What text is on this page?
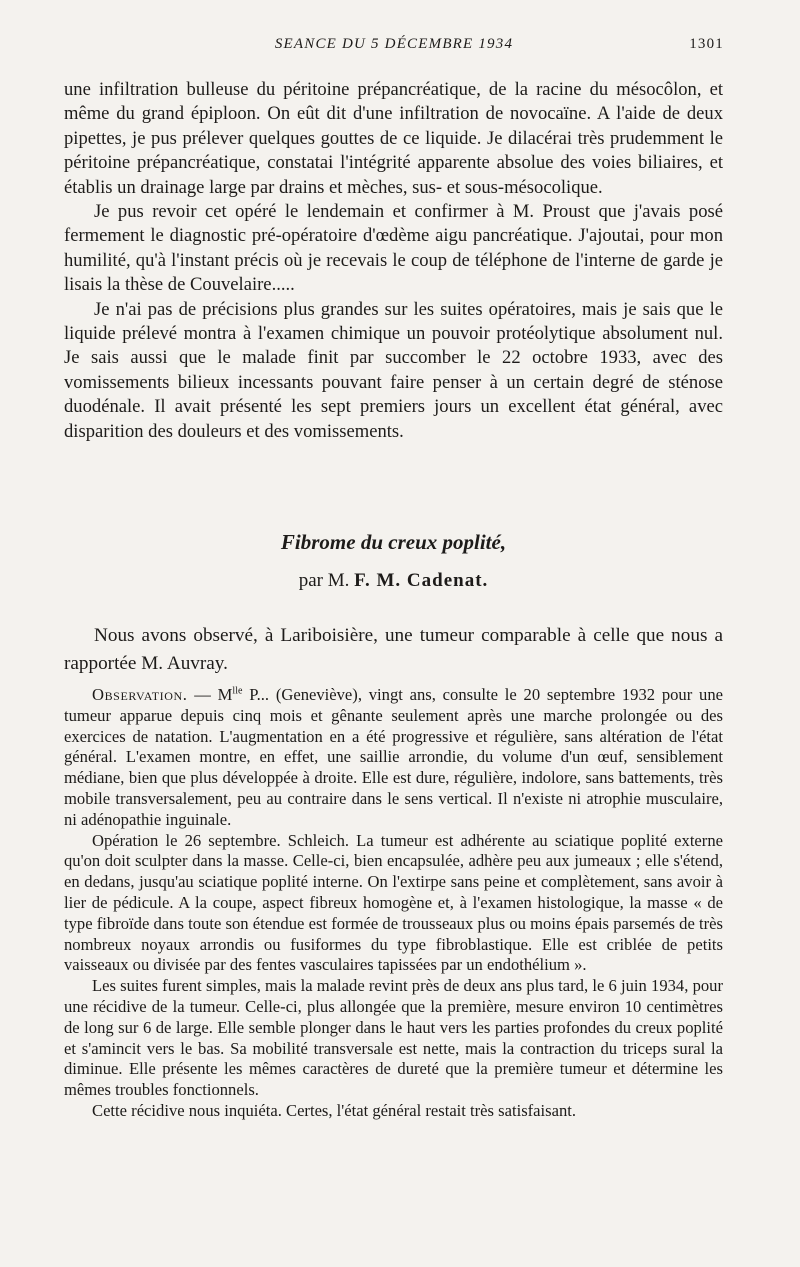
SEANCE DU 5 DÉCEMBRE 1934	1301

une infiltration bulleuse du péritoine prépancréatique, de la racine du mésocôlon, et même du grand épiploon. On eût dit d'une infiltration de novocaïne. A l'aide de deux pipettes, je pus prélever quelques gouttes de ce liquide. Je dilacérai très prudemment le péritoine prépancréatique, constatai l'intégrité apparente absolue des voies biliaires, et établis un drainage large par drains et mèches, sus- et sous-mésocolique.

Je pus revoir cet opéré le lendemain et confirmer à M. Proust que j'avais posé fermement le diagnostic pré-opératoire d'œdème aigu pancréatique. J'ajoutai, pour mon humilité, qu'à l'instant précis où je recevais le coup de téléphone de l'interne de garde je lisais la thèse de Couvelaire.....

Je n'ai pas de précisions plus grandes sur les suites opératoires, mais je sais que le liquide prélevé montra à l'examen chimique un pouvoir protéolytique absolument nul. Je sais aussi que le malade finit par succomber le 22 octobre 1933, avec des vomissements bilieux incessants pouvant faire penser à un certain degré de sténose duodénale. Il avait présenté les sept premiers jours un excellent état général, avec disparition des douleurs et des vomissements.

Fibrome du creux poplité,
par M. F. M. Cadenat.

Nous avons observé, à Lariboisière, une tumeur comparable à celle que nous a rapportée M. Auvray.

Observation. — $M^{lle}$ P... (Geneviève), vingt ans, consulte le 20 septembre 1932 pour une tumeur apparue depuis cinq mois et gênante seulement après une marche prolongée ou des exercices de natation. L'augmentation en a été progressive et régulière, sans altération de l'état général. L'examen montre, en effet, une saillie arrondie, du volume d'un œuf, sensiblement médiane, bien que plus développée à droite. Elle est dure, régulière, indolore, sans battements, très mobile transversalement, peu au contraire dans le sens vertical. Il n'existe ni atrophie musculaire, ni adénopathie inguinale.

Opération le 26 septembre. Schleich. La tumeur est adhérente au sciatique poplité externe qu'on doit sculpter dans la masse. Celle-ci, bien encapsulée, adhère peu aux jumeaux ; elle s'étend, en dedans, jusqu'au sciatique poplité interne. On l'extirpe sans peine et complètement, sans avoir à lier de pédicule. A la coupe, aspect fibreux homogène et, à l'examen histologique, la masse « de type fibroïde dans toute son étendue est formée de trousseaux plus ou moins épais parsemés de très nombreux noyaux arrondis ou fusiformes du type fibroblastique. Elle est criblée de petits vaisseaux ou divisée par des fentes vasculaires tapissées par un endothélium ».

Les suites furent simples, mais la malade revint près de deux ans plus tard, le 6 juin 1934, pour une récidive de la tumeur. Celle-ci, plus allongée que la première, mesure environ 10 centimètres de long sur 6 de large. Elle semble plonger dans le haut vers les parties profondes du creux poplité et s'amincit vers le bas. Sa mobilité transversale est nette, mais la contraction du triceps sural la diminue. Elle présente les mêmes caractères de dureté que la première tumeur et détermine les mêmes troubles fonctionnels.

Cette récidive nous inquiéta. Certes, l'état général restait très satisfaisant.
